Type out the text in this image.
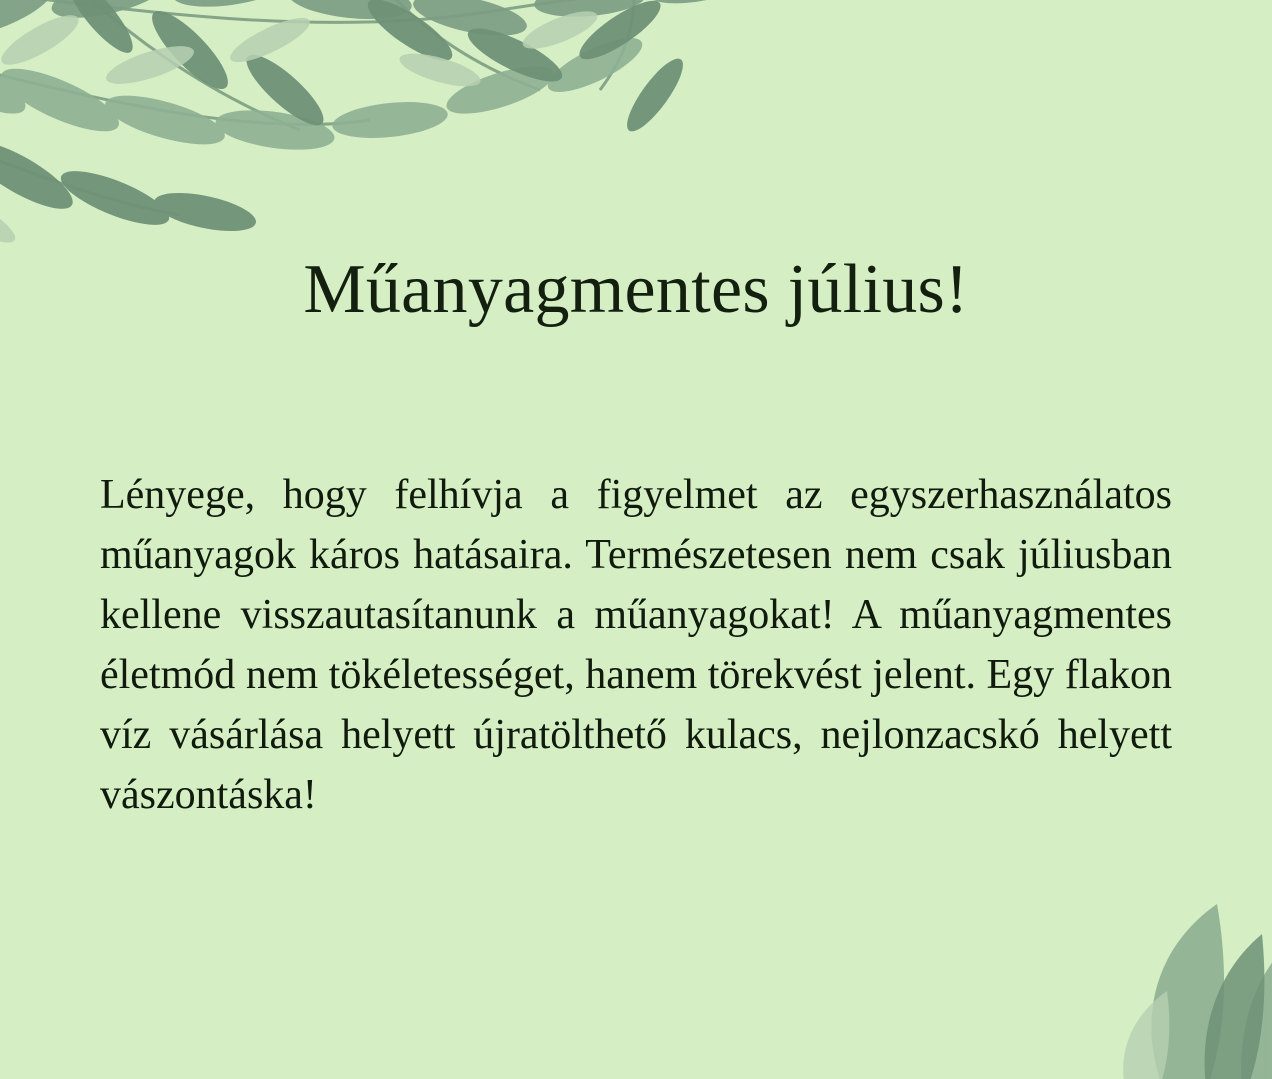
Műanyagmentes július!

Lényege, hogy felhívja a figyelmet az egyszerhasználatos műanyagok káros hatásaira. Természetesen nem csak júliusban kellene visszautasítanunk a műanyagokat! A műanyagmentes életmód nem tökéletességet, hanem törekvést jelent. Egy flakon víz vásárlása helyett újratölthető kulacs, nejlonzacskó helyett vászontáska!
